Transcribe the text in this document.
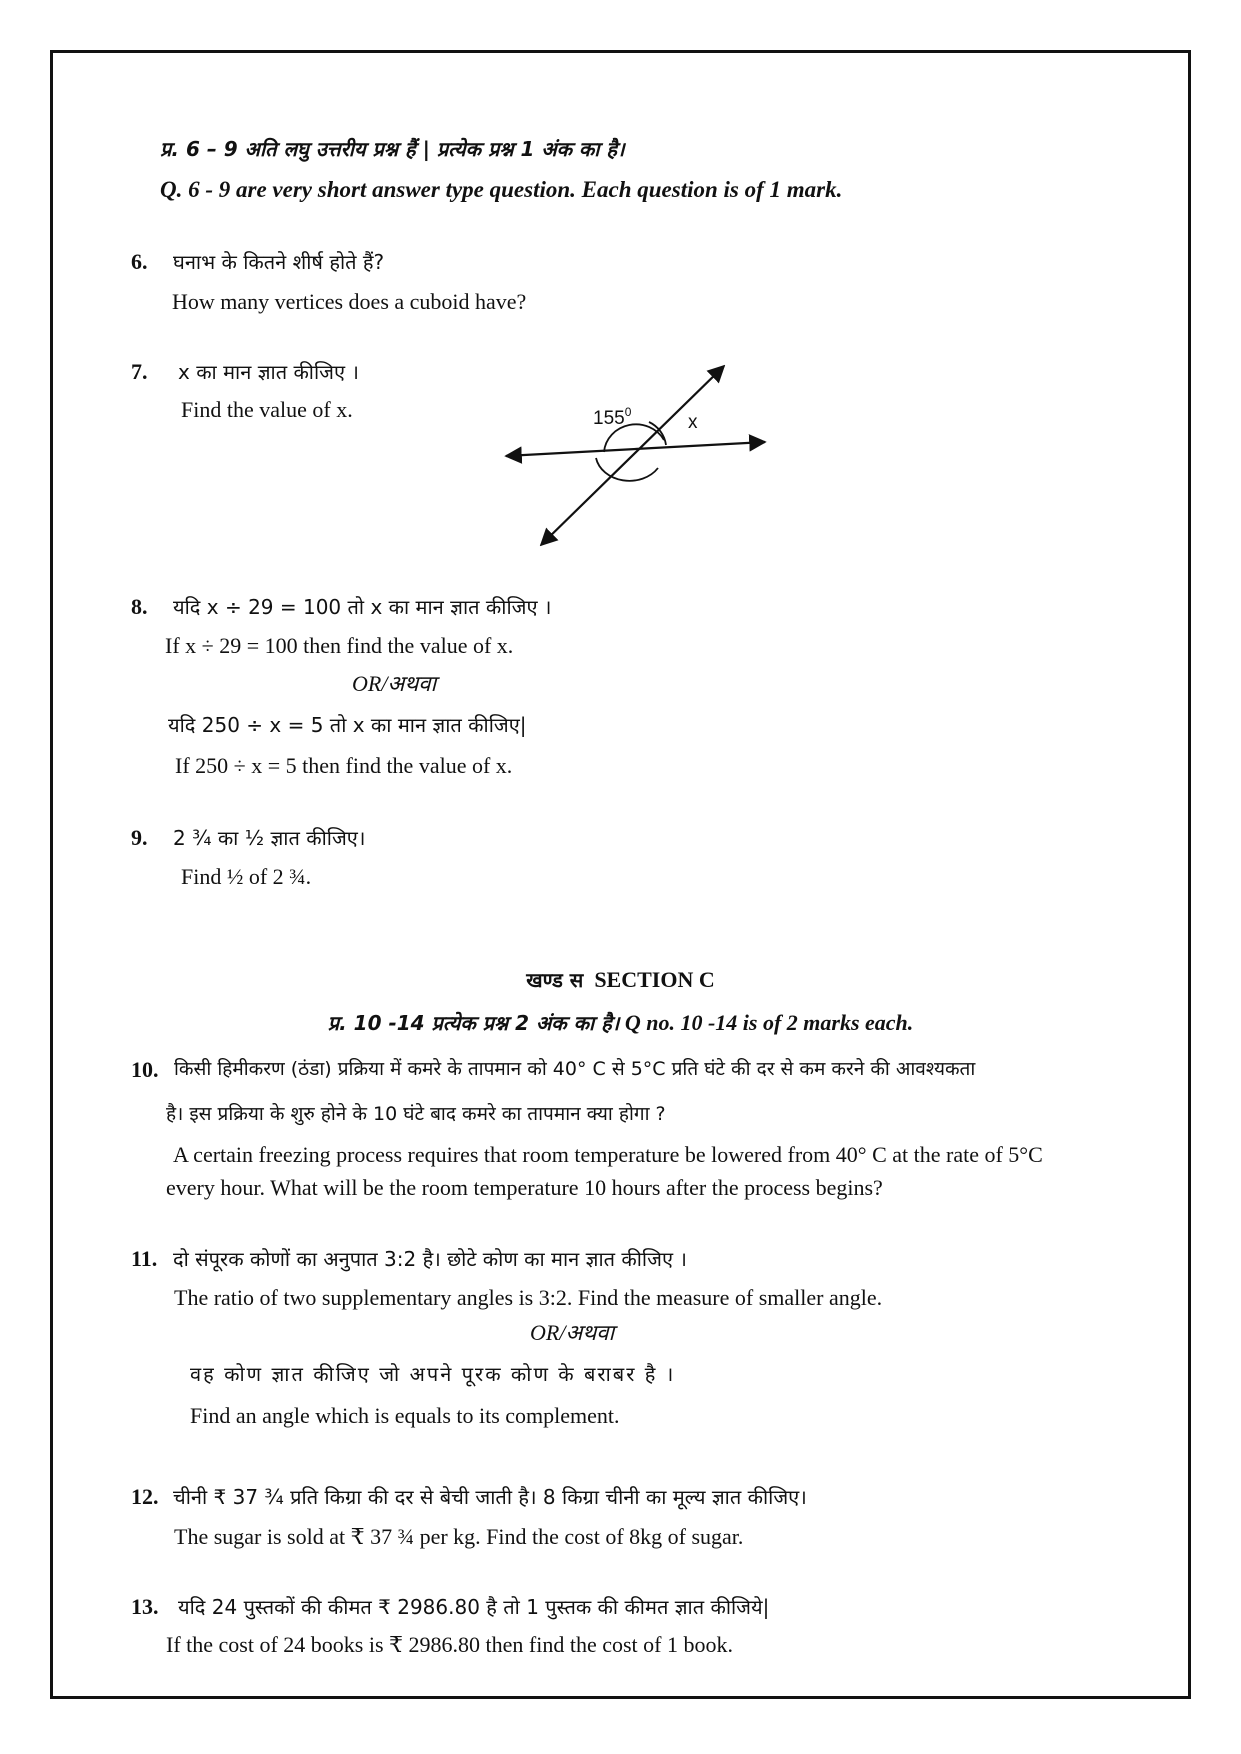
प्र. 6 – 9 अति लघु उत्तरीय प्रश्न हैं | प्रत्येक प्रश्न 1 अंक का है।
Q. 6 - 9 are very short answer type question. Each question is of 1 mark.
6. घनाभ के कितने शीर्ष होते हैं?
How many vertices does a cuboid have?
7. x का मान ज्ञात कीजिए ।
Find the value of x.	$155^0$	x
8. यदि x ÷ 29 = 100 तो x का मान ज्ञात कीजिए ।
If x ÷ 29 = 100 then find the value of x.
OR/अथवा
यदि 250 ÷ x = 5 तो x का मान ज्ञात कीजिए|
If 250 ÷ x = 5 then find the value of x.
9. 2 ¾ का ½ ज्ञात कीजिए।
Find ½ of 2 ¾.
खण्ड स SECTION C
प्र. 10 -14 प्रत्येक प्रश्न 2 अंक का है। Q no. 10 -14 is of 2 marks each.
10. किसी हिमीकरण (ठंडा) प्रक्रिया में कमरे के तापमान को 40° C से 5°C प्रति घंटे की दर से कम करने की आवश्यकता
है। इस प्रक्रिया के शुरु होने के 10 घंटे बाद कमरे का तापमान क्या होगा ?
A certain freezing process requires that room temperature be lowered from 40° C at the rate of 5°C
every hour. What will be the room temperature 10 hours after the process begins?
11. दो संपूरक कोणों का अनुपात 3:2 है। छोटे कोण का मान ज्ञात कीजिए ।
The ratio of two supplementary angles is 3:2. Find the measure of smaller angle.
OR/अथवा
वह कोण ज्ञात कीजिए जो अपने पूरक कोण के बराबर है ।
Find an angle which is equals to its complement.
12. चीनी ₹ 37 ¾ प्रति किग्रा की दर से बेची जाती है। 8 किग्रा चीनी का मूल्य ज्ञात कीजिए।
The sugar is sold at ₹ 37 ¾ per kg. Find the cost of 8kg of sugar.
13. यदि 24 पुस्तकों की कीमत ₹ 2986.80 है तो 1 पुस्तक की कीमत ज्ञात कीजिये|
If the cost of 24 books is ₹ 2986.80 then find the cost of 1 book.
